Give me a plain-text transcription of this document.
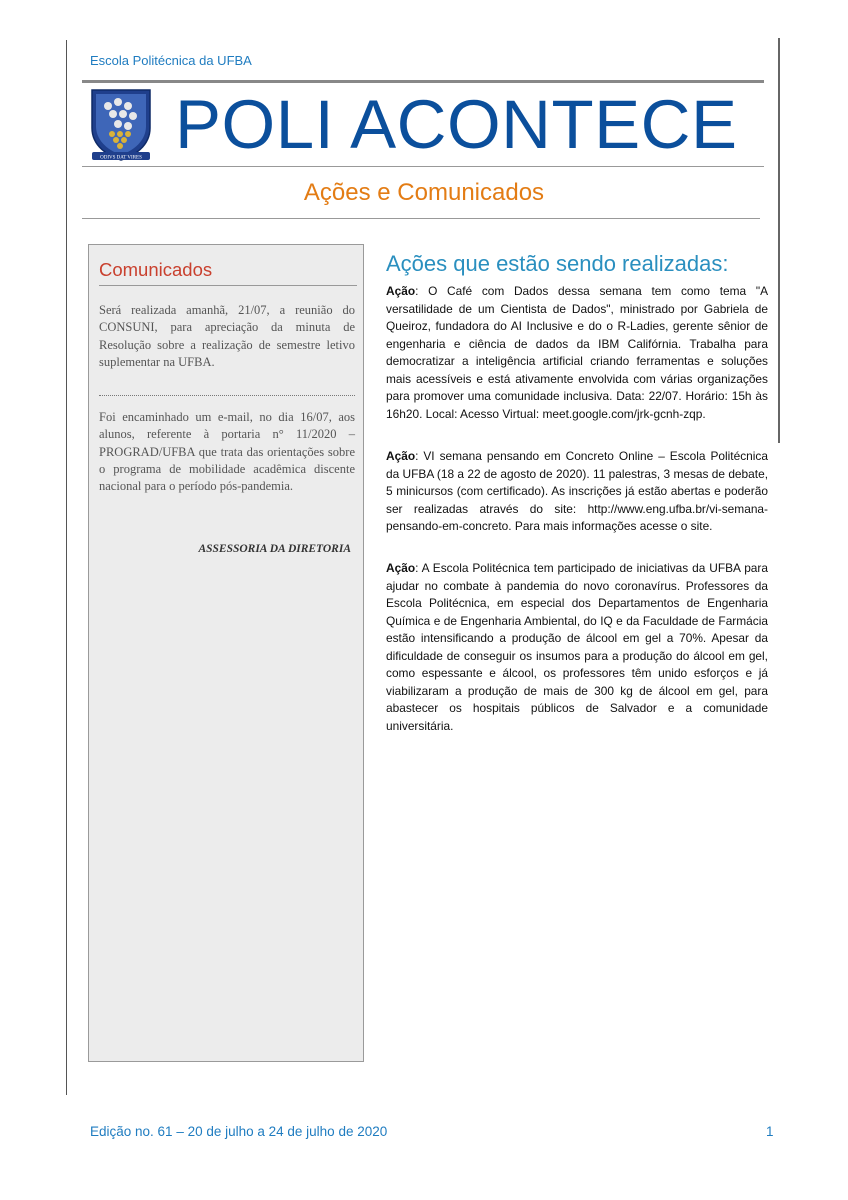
Escola Politécnica da UFBA
ODIVS DAT VIRES POLI ACONTECE
Ações e Comunicados
Comunicados

Será realizada amanhã, 21/07, a reunião do CONSUNI, para apreciação da minuta de Resolução sobre a realização de semestre letivo suplementar na UFBA.

Foi encaminhado um e-mail, no dia 16/07, aos alunos, referente à portaria n° 11/2020 – PROGRAD/UFBA que trata das orientações sobre o programa de mobilidade acadêmica discente nacional para o período pós-pandemia.

ASSESSORIA DA DIRETORIA
Ações que estão sendo realizadas:

Ação: O Café com Dados dessa semana tem como tema "A versatilidade de um Cientista de Dados", ministrado por Gabriela de Queiroz, fundadora do AI Inclusive e do o R-Ladies, gerente sênior de engenharia e ciência de dados da IBM Califórnia. Trabalha para democratizar a inteligência artificial criando ferramentas e soluções mais acessíveis e está ativamente envolvida com várias organizações para promover uma comunidade inclusiva. Data: 22/07. Horário: 15h às 16h20. Local: Acesso Virtual: meet.google.com/jrk-gcnh-zqp.

Ação: VI semana pensando em Concreto Online – Escola Politécnica da UFBA (18 a 22 de agosto de 2020). 11 palestras, 3 mesas de debate, 5 minicursos (com certificado). As inscrições já estão abertas e poderão ser realizadas através do site: http://www.eng.ufba.br/vi-semana-pensando-em-concreto. Para mais informações acesse o site.

Ação: A Escola Politécnica tem participado de iniciativas da UFBA para ajudar no combate à pandemia do novo coronavírus. Professores da Escola Politécnica, em especial dos Departamentos de Engenharia Química e de Engenharia Ambiental, do IQ e da Faculdade de Farmácia estão intensificando a produção de álcool em gel a 70%. Apesar da dificuldade de conseguir os insumos para a produção do álcool em gel, como espessante e álcool, os professores têm unido esforços e já viabilizaram a produção de mais de 300 kg de álcool em gel, para abastecer os hospitais públicos de Salvador e a comunidade universitária.

Edição no. 61 – 20 de julho a 24 de julho de 2020	1
